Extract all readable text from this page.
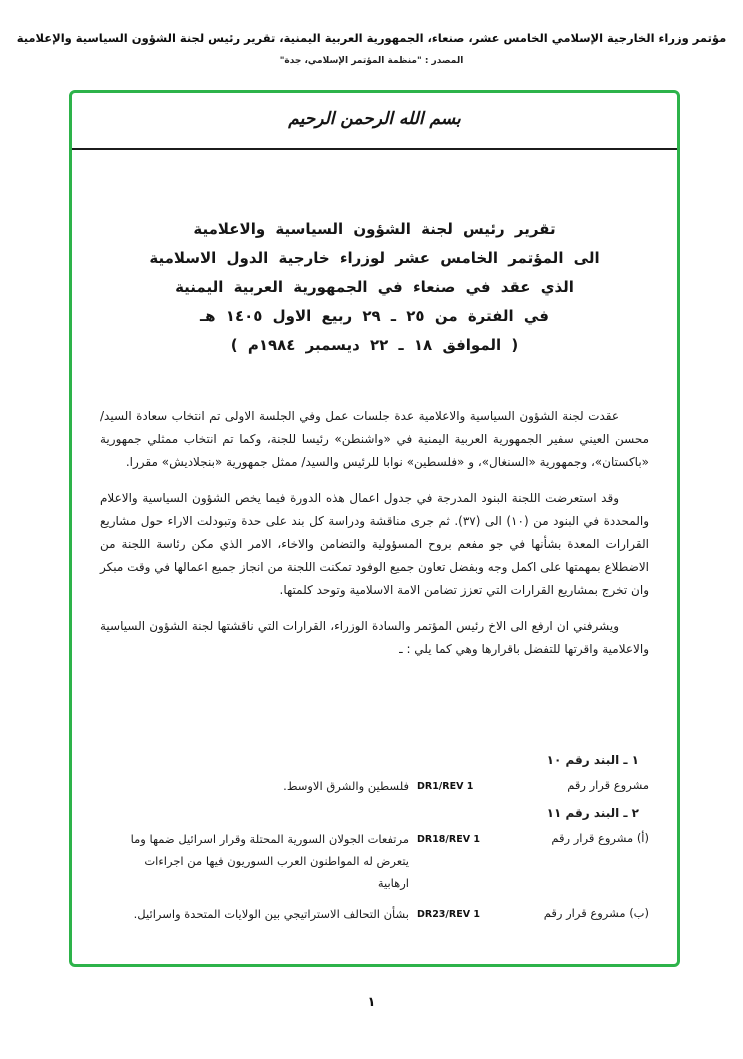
مؤتمر وزراء الخارجية الإسلامي الخامس عشر، صنعاء، الجمهورية العربية اليمنية، تقرير رئيس لجنة الشؤون السياسية والإعلامية
المصدر : "منظمة المؤتمر الإسلامي، جدة"
بسم الله الرحمن الرحيم
تقرير رئيس لجنة الشؤون السياسية والاعلامية
الى المؤتمر الخامس عشر لوزراء خارجية الدول الاسلامية
الذي عقد في صنعاء في الجمهورية العربية اليمنية
في الفترة من ٢٥ ـ ٢٩ ربيع الاول ١٤٠٥ هـ
( الموافق ١٨ ـ ٢٢ ديسمبر ١٩٨٤م )

عقدت لجنة الشؤون السياسية والاعلامية عدة جلسات عمل وفي الجلسة الاولى تم انتخاب سعادة السيد/ محسن العيني سفير الجمهورية العربية اليمنية في «واشنطن» رئيسا للجنة، وكما تم انتخاب ممثلي جمهورية «باكستان»، وجمهورية «السنغال»، و «فلسطين» نوابا للرئيس والسيد/ ممثل جمهورية «بنجلاديش» مقررا.

وقد استعرضت اللجنة البنود المدرجة في جدول اعمال هذه الدورة فيما يخص الشؤون السياسية والاعلام والمحددة في البنود من (١٠) الى (٣٧). ثم جرى مناقشة ودراسة كل بند على حدة وتبودلت الاراء حول مشاريع القرارات المعدة بشأنها في جو مفعم بروح المسؤولية والتضامن والاخاء، الامر الذي مكن رئاسة اللجنة من الاضطلاع بمهمتها على اكمل وجه وبفضل تعاون جميع الوفود تمكنت اللجنة من انجاز جميع اعمالها في وقت مبكر وان تخرج بمشاريع القرارات التي تعزز تضامن الامة الاسلامية وتوحد كلمتها.

ويشرفني ان ارفع الى الاخ رئيس المؤتمر والسادة الوزراء، القرارات التي ناقشتها لجنة الشؤون السياسية والاعلامية واقرتها للتفضل باقرارها وهي كما يلي : ـ

١ ـ البند رقم ١٠
مشروع قرار رقم
DR1/REV 1
فلسطين والشرق الاوسط.
٢ ـ البند رقم ١١
(أ) مشروع قرار رقم
DR18/REV 1
مرتفعات الجولان السورية المحتلة وقرار اسرائيل ضمها وما يتعرض له المواطنون العرب السوريون فيها من اجراءات ارهابية
(ب) مشروع قرار رقم
DR23/REV 1
بشأن التحالف الاستراتيجي بين الولايات المتحدة واسرائيل.
١
